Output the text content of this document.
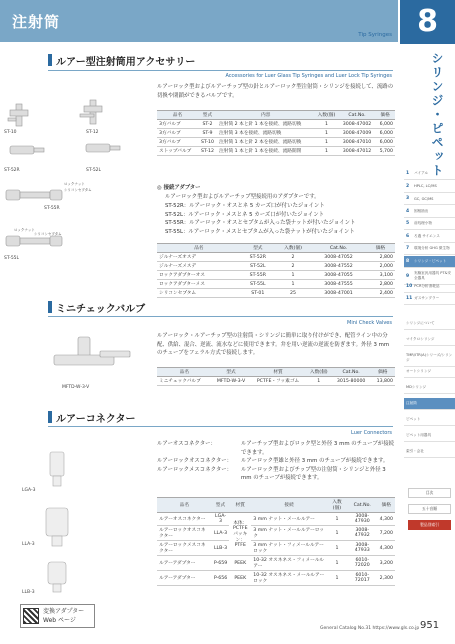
注射筒
Tip Syringes 8
シリンジ・ピペット
1	バイアル
2	HPLC, LC/MS
3	GC, GC/MS
4	固相抽出
5	前処理小物
6	ろ過 サイエンス
7	環境分析 GHG 微生物
8	シリンジ・ピペット
9
実験室汎用器具 PT&安全器具
10 PCR分析消耗品
11 ガスサンプラー
シリンジについて
マイクロシリンジ
TMR/ITR(A)シリーズ/シリンジ
オートシリンジ
MDシリンジ
注射筒
ピペット
ピペット用器具
索引・会社
目次
五十音順
製品別索引
ルアー型注射筒用アクセサリー
Accessories for Luer Glass Tip Syringes and Luer Lock Tip Syringes
ルアーロック型およびルアーチップ型の針とルアーロック型注射筒・シリンジを接続して、流路の切換や閉鎖ができるバルブです。
ST-10	ST-12
ST-52R	ST-52L
ST-55R
ST-55L
ロックナット
シリコンセプタム
ロックナット
シリコンセプタム
品名	型式	内容	入数(個)	Cat.No.	価格
3方バルブ	ST-2	注射筒 2 本と針 1 本を接続、流路切換	1	3008-47002	6,000
3方バルブ	ST-9	注射筒 3 本を接続、流路切換	1	3008-47009	6,000
3方バルブ	ST-10	注射筒 1 本と針 2 本を接続、流路切換	1	3008-47010	6,000
ストップバルブ	ST-12	注射筒 1 本と針 1 本を接続、流路開閉	1	3008-47012	5,700
◎ 接続アダプター
ルアーロック型およびルアーチップ型接続用のアダプターです。
ST-52R：ルアーロック・オスとネ 5 カーズ口が付いたジョイント
ST-52L：ルアーロック・メスとネ 5 カーズ口が付いたジョイント
ST-55R：ルアーロック・オスとセプタムが入った袋ナットが付いたジョイント
ST-55L：ルアーロック・メスとセプタムが入った袋ナットが付いたジョイント
品名	型式	入数(個)	Cat.No.	価格
ジルナーズオスデ	ST-52R	2	3008-47052	2,800
ジルナーズメスデ	ST-52L	2	3008-47552	2,000
ロックアダプターオス	ST-55R	1	3008-47055	3,100
ロックアダプターメス	ST-55L	1	3008-47555	2,800
シリコンセプタム	ST-01	25	3008-47001	2,400
ミニチェックバルブ
Mini Check Valves
ルアーロック・ルアーチップ型の注射筒・シリンジに簡単に取り付けができ、配管ライン中の分配、供給、混合、逆流、流水などに使用できます。弁を用い逆流の逆流を防ぎます。外径 3 mm のチューブをフェラル方式で接続します。
MFTD-W-3-V
品名	型式	材質	入数(個)	Cat.No.	価格
ミニチェックバルブ	MFTD-W-3-V	PCTFE・フッ素ゴム	1	3015-80000	13,800
ルアーコネクター
Luer Connectors
ルアーオスコネクター：	ルアーチップ型およびロック型と外径 3 mm のチューブが接続できます。
ルアーロックオスコネクター：	ルアーロック型雄と外径 3 mm のチューブが接続できます。
ルアーロックメスコネクター：	ルアーロック型およびチップ型の注射筒・シリンジと外径 3 mm のチューブが接続できます。
LGA-3
LLA-3
LLB-3
品名	型式	材質	接続	入数(個)	Cat.No.	価格
ルアーオスコネクター	LGA-3	本体：PCTFE パッキン：PTFE	3 mm ナット・メールルアー	1	3008-47930	4,300
ルアーロックオスコネクター	LLA-3		3 mm ナット・メールルアーロック	1	3008-47932	7,200
ルアーロックメスコネクター	LLB-3		3 mm ナット・フィメールルアーロック	1	3008-47933	4,300
ルアーアダプター	P-659	PEEK	10-32 オスネネス・フィメールルアー	1	6010-72020	3,200
ルアーアダプター	P-656	PEEK	10-32 オスネネス・メールルアーロック	1	6010-72017	2,300
変換アダプター
Web ページ
General Catalog No.31 https://www.gls.co.jp 951
